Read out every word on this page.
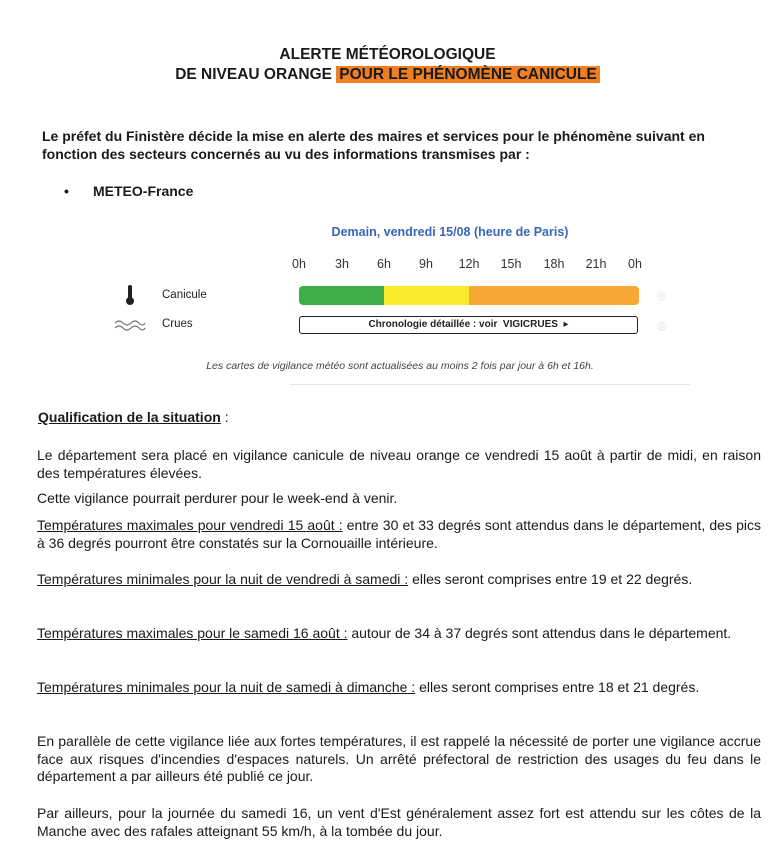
ALERTE MÉTÉOROLOGIQUE
DE NIVEAU ORANGE POUR LE PHÉNOMÈNE CANICULE
Le préfet du Finistère décide la mise en alerte des maires et services pour le phénomène suivant en fonction des secteurs concernés au vu des informations transmises par :
• METEO-France
Demain, vendredi 15/08 (heure de Paris)
0h	3h	6h	9h	12h	15h	18h	21h	0h
Canicule	◎
Crues	Chronologie détaillée : voir VIGICRUES ▸	◎
Les cartes de vigilance météo sont actualisées au moins 2 fois par jour à 6h et 16h.
Qualification de la situation :
Le département sera placé en vigilance canicule de niveau orange ce vendredi 15 août à partir de midi, en raison des températures élevées.
Cette vigilance pourrait perdurer pour le week-end à venir.
Températures maximales pour vendredi 15 août : entre 30 et 33 degrés sont attendus dans le département, des pics à 36 degrés pourront être constatés sur la Cornouaille intérieure.
Températures minimales pour la nuit de vendredi à samedi : elles seront comprises entre 19 et 22 degrés.
Températures maximales pour le samedi 16 août : autour de 34 à 37 degrés sont attendus dans le département.
Températures minimales pour la nuit de samedi à dimanche : elles seront comprises entre 18 et 21 degrés.
En parallèle de cette vigilance liée aux fortes températures, il est rappelé la nécessité de porter une vigilance accrue face aux risques d'incendies d'espaces naturels. Un arrêté préfectoral de restriction des usages du feu dans le département a par ailleurs été publié ce jour.
Par ailleurs, pour la journée du samedi 16, un vent d'Est généralement assez fort est attendu sur les côtes de la Manche avec des rafales atteignant 55 km/h, à la tombée du jour.
